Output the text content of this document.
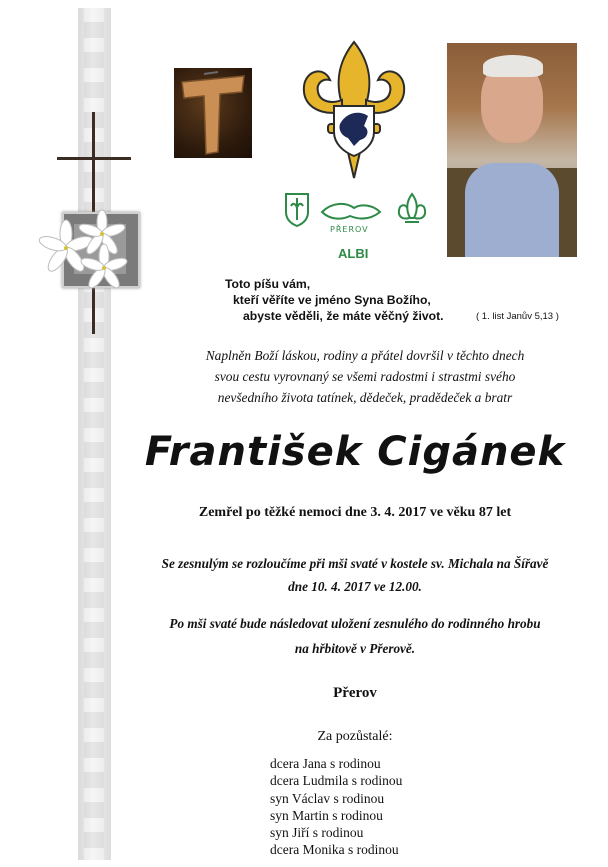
PŘEROV
ALBI
Toto píšu vám,
kteří věříte ve jméno Syna Božího,
abyste věděli, že máte věčný život.	( 1. list Janův 5,13 )
Naplněn Boží láskou, rodiny a přátel dovršil v těchto dnech
svou cestu vyrovnaný se všemi radostmi i strastmi svého
nevšedního života tatínek, dědeček, pradědeček a bratr
František Cigánek
Zemřel po těžké nemoci dne 3. 4. 2017 ve věku 87 let
Se zesnulým se rozloučíme při mši svaté v kostele sv. Michala na Šířavě
dne 10. 4. 2017 ve 12.00.
Po mši svaté bude následovat uložení zesnulého do rodinného hrobu
na hřbitově v Přerově.
Přerov
Za pozůstalé:
dcera Jana s rodinou
dcera Ludmila s rodinou
syn Václav s rodinou
syn Martin s rodinou
syn Jiří s rodinou
dcera Monika s rodinou
